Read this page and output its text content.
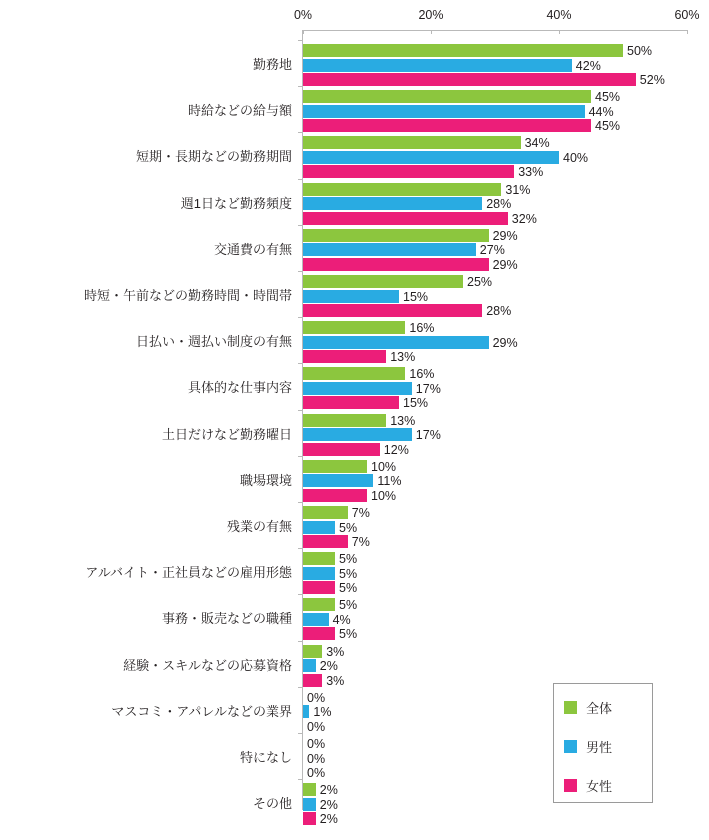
0%	20%	40%	60%
勤務地
50%
42%
52%
時給などの給与額
45%
44%
45%
短期・長期などの勤務期間
34%
40%
33%
週1日など勤務頻度
31%
28%
32%
交通費の有無
29%
27%
29%
時短・午前などの勤務時間・時間帯
25%
15%
28%
日払い・週払い制度の有無
16%
29%
13%
具体的な仕事内容
16%
17%
15%
土日だけなど勤務曜日
13%
17%
12%
職場環境
10%
11%
10%
残業の有無
7%
5%
7%
アルバイト・正社員などの雇用形態
5%
5%
5%
事務・販売などの職種
5%
4%
5%
経験・スキルなどの応募資格
3%
2%
3%
マスコミ・アパレルなどの業界
0%
1%
0%
特になし
0%
0%
0%
その他
2%
2%
2%
全体
男性
女性
